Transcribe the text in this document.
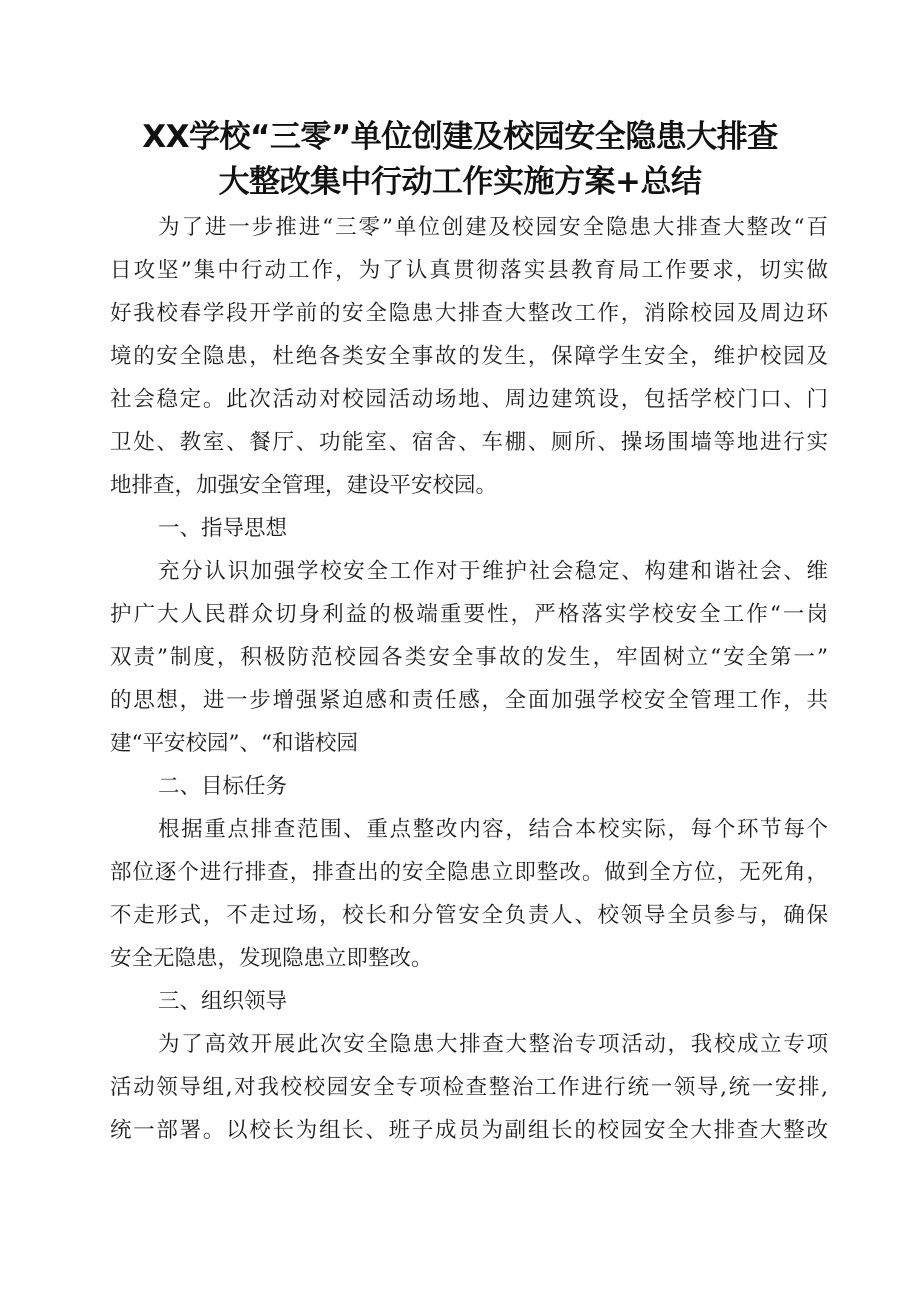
XX学校“三零”单位创建及校园安全隐患大排查
大整改集中行动工作实施方案+总结
为了进一步推进“三零”单位创建及校园安全隐患大排查大整改“百
日攻坚”集中行动工作，为了认真贯彻落实县教育局工作要求，切实做
好我校春学段开学前的安全隐患大排查大整改工作，消除校园及周边环
境的安全隐患，杜绝各类安全事故的发生，保障学生安全，维护校园及
社会稳定。此次活动对校园活动场地、周边建筑设，包括学校门口、门
卫处、教室、餐厅、功能室、宿舍、车棚、厕所、操场围墙等地进行实
地排查，加强安全管理，建设平安校园。
一、指导思想
充分认识加强学校安全工作对于维护社会稳定、构建和谐社会、维
护广大人民群众切身利益的极端重要性，严格落实学校安全工作“一岗
双责”制度，积极防范校园各类安全事故的发生，牢固树立“安全第一”
的思想，进一步增强紧迫感和责任感，全面加强学校安全管理工作，共
建“平安校园”、“和谐校园
二、目标任务
根据重点排查范围、重点整改内容，结合本校实际，每个环节每个
部位逐个进行排查，排查出的安全隐患立即整改。做到全方位，无死角，
不走形式，不走过场，校长和分管安全负责人、校领导全员参与，确保
安全无隐患，发现隐患立即整改。
三、组织领导
为了高效开展此次安全隐患大排查大整治专项活动，我校成立专项
活动领导组,对我校校园安全专项检查整治工作进行统一领导,统一安排,
统一部署。以校长为组长、班子成员为副组长的校园安全大排查大整改
